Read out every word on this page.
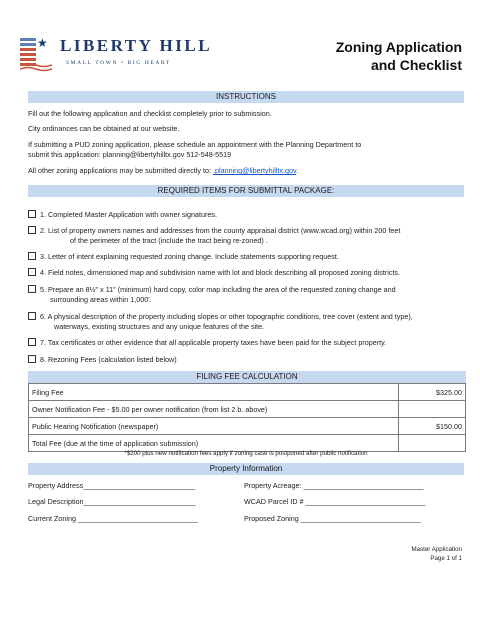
★ LIBERTY HILL
SMALL TOWN • BIG HEART
Zoning Application
and Checklist
INSTRUCTIONS
Fill out the following application and checklist completely prior to submission.
City ordinances can be obtained at our website.
If submitting a PUD zoning application, please schedule an appointment with the Planning Department to
submit this application: planning@libertyhilltx.gov 512-548-5519
All other zoning applications may be submitted directly to: .planning@libertyhilltx.gov.
REQUIRED ITEMS FOR SUBMITTAL PACKAGE:
1. Completed Master Application with owner signatures.
2. List of property owners names and addresses from the county appraisal district (www.wcad.org) within 200 feet
of the perimeter of the tract (include the tract being re-zoned) .
3. Letter of intent explaining requested zoning change. Include statements supporting request.
4. Field notes, dimensioned map and subdivision name with lot and block describing all proposed zoning districts.
5. Prepare an 8½" x 11" (minimum) hard copy, color map including the area of the requested zoning change and
surrounding areas within 1,000'.
6. A physical description of the property including slopes or other topographic conditions, tree cover (extent and type),
waterways, existing structures and any unique features of the site.
7. Tax certificates or other evidence that all applicable property taxes have been paid for the subject property.
8. Rezoning Fees (calculation listed below)
FILING FEE CALCULATION
Filing Fee	$325.00
Owner Notification Fee - $5.00 per owner notification (from list 2.b. above)	
Public Hearing Notification (newspaper)	$150.00
Total Fee (due at the time of application submission)	
*$200 plus new notification fees apply if zoning case is postponed after public notification
Property Information
Property Address____________________________	Property Acreage: ______________________________
Legal Description____________________________	WCAD Parcel ID # ______________________________
Current Zoning ______________________________	Proposed Zoning ______________________________
Master Application
Page 1 of 1
